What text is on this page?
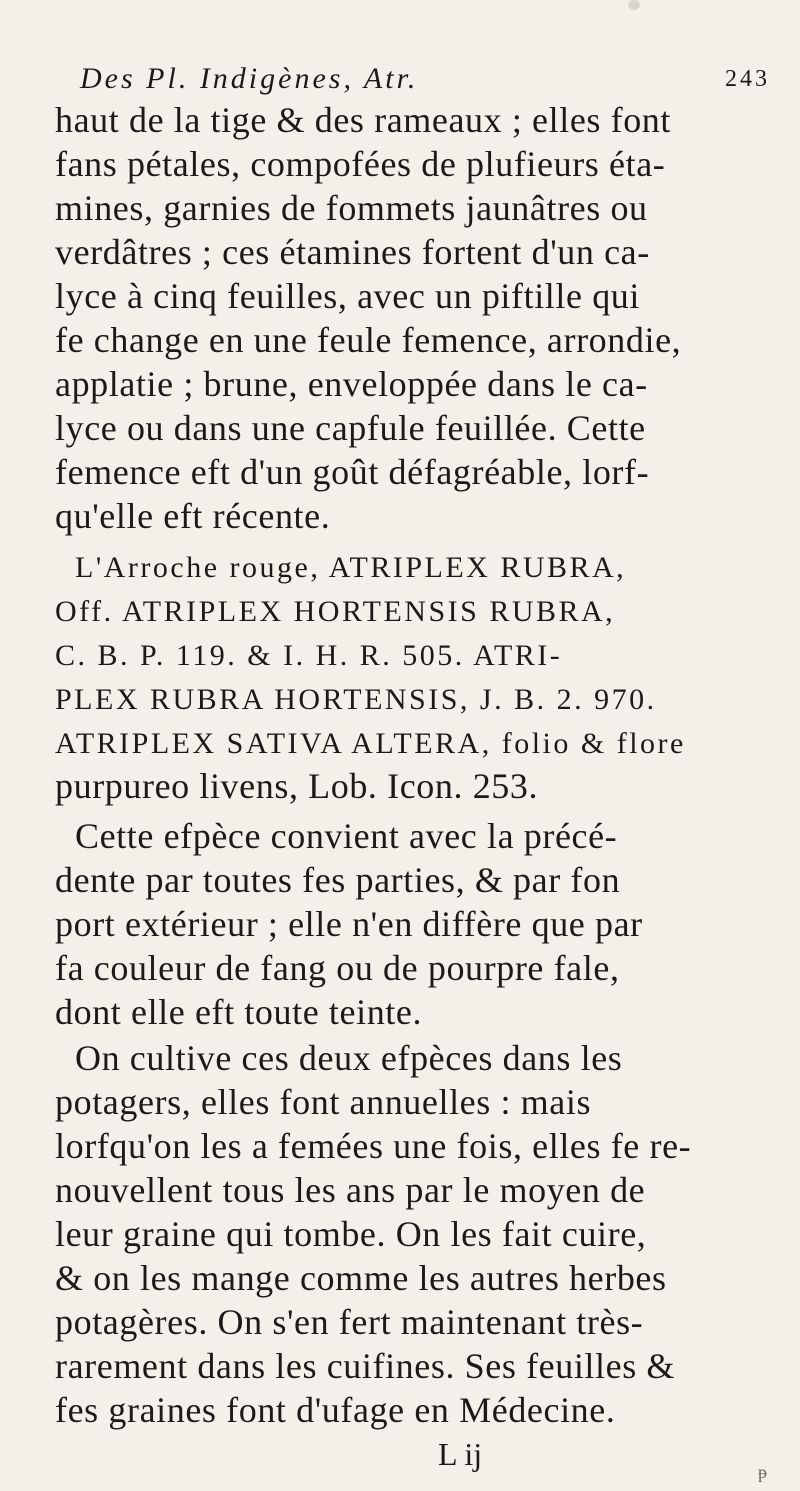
Des Pl. Indigènes, Atr.	243
haut de la tige & des rameaux ; elles font
fans pétales, compofées de plufieurs éta-
mines, garnies de fommets jaunâtres ou
verdâtres ; ces étamines fortent d'un ca-
lyce à cinq feuilles, avec un piftille qui
fe change en une feule femence, arrondie,
applatie ; brune, enveloppée dans le ca-
lyce ou dans une capfule feuillée. Cette
femence eft d'un goût défagréable, lorf-
qu'elle eft récente.
L'Arroche rouge, ATRIPLEX RUBRA,
Off. ATRIPLEX HORTENSIS RUBRA,
C. B. P. 119. & I. H. R. 505. ATRI-
PLEX RUBRA HORTENSIS, J. B. 2. 970.
ATRIPLEX SATIVA ALTERA, folio & flore
purpureo livens, Lob. Icon. 253.
Cette efpèce convient avec la précé-
dente par toutes fes parties, & par fon
port extérieur ; elle n'en diffère que par
fa couleur de fang ou de pourpre fale,
dont elle eft toute teinte.
On cultive ces deux efpèces dans les
potagers, elles font annuelles : mais
lorfqu'on les a femées une fois, elles fe re-
nouvellent tous les ans par le moyen de
leur graine qui tombe. On les fait cuire,
& on les mange comme les autres herbes
potagères. On s'en fert maintenant très-
rarement dans les cuifines. Ses feuilles &
fes graines font d'ufage en Médecine.
L ij	ᵽ
